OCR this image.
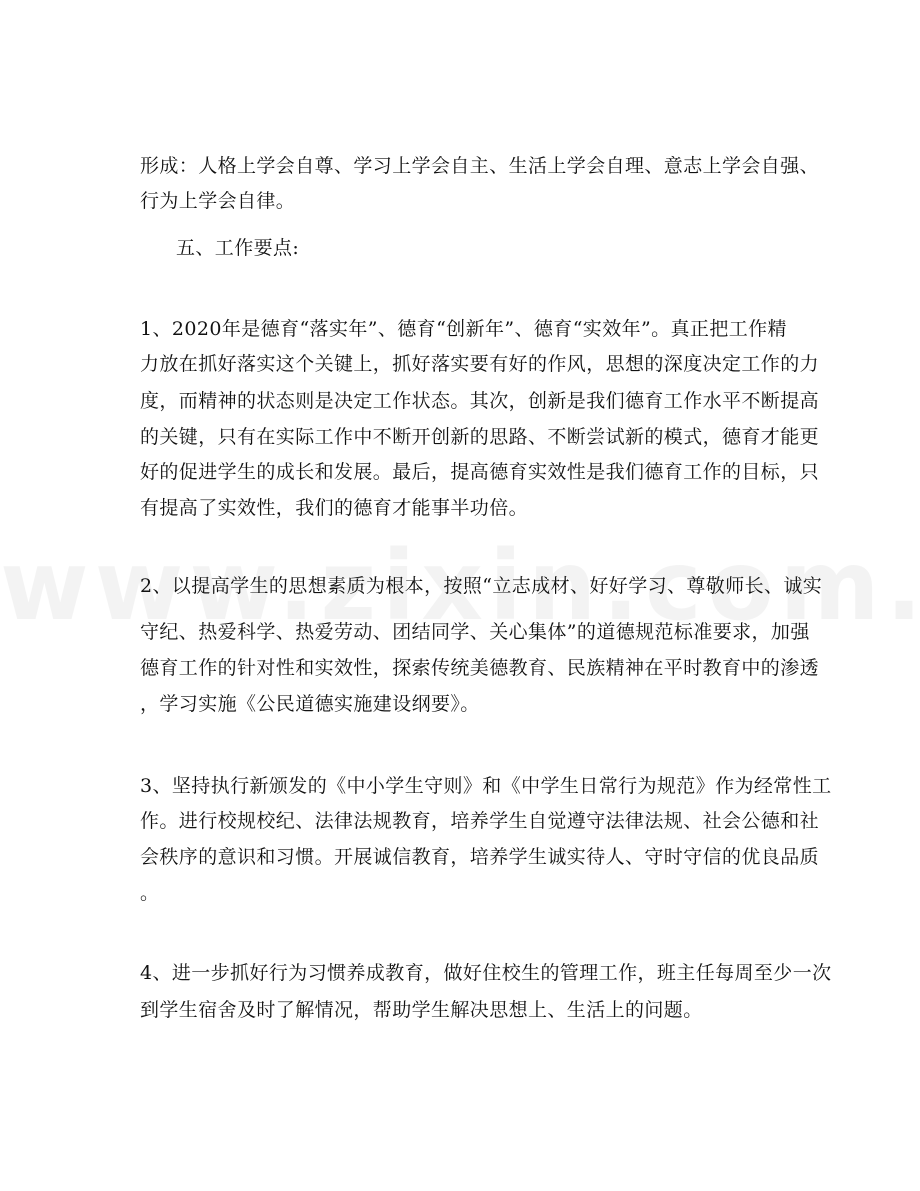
形成：人格上学会自尊、学习上学会自主、生活上学会自理、意志上学会自强、
行为上学会自律。
五、工作要点:
1、2020年是德育“落实年”、德育“创新年”、德育“实效年”。真正把工作精
力放在抓好落实这个关键上，抓好落实要有好的作风，思想的深度决定工作的力
度，而精神的状态则是决定工作状态。其次，创新是我们德育工作水平不断提高
的关键，只有在实际工作中不断开创新的思路、不断尝试新的模式，德育才能更
好的促进学生的成长和发展。最后，提高德育实效性是我们德育工作的目标，只
有提高了实效性，我们的德育才能事半功倍。
2、以提高学生的思想素质为根本，按照“立志成材、好好学习、尊敬师长、诚实
守纪、热爱科学、热爱劳动、团结同学、关心集体”的道德规范标准要求，加强
德育工作的针对性和实效性，探索传统美德教育、民族精神在平时教育中的渗透
，学习实施《公民道德实施建设纲要》。
3、坚持执行新颁发的《中小学生守则》和《中学生日常行为规范》作为经常性工
作。进行校规校纪、法律法规教育，培养学生自觉遵守法律法规、社会公德和社
会秩序的意识和习惯。开展诚信教育，培养学生诚实待人、守时守信的优良品质
。
4、进一步抓好行为习惯养成教育，做好住校生的管理工作，班主任每周至少一次
到学生宿舍及时了解情况，帮助学生解决思想上、生活上的问题。
